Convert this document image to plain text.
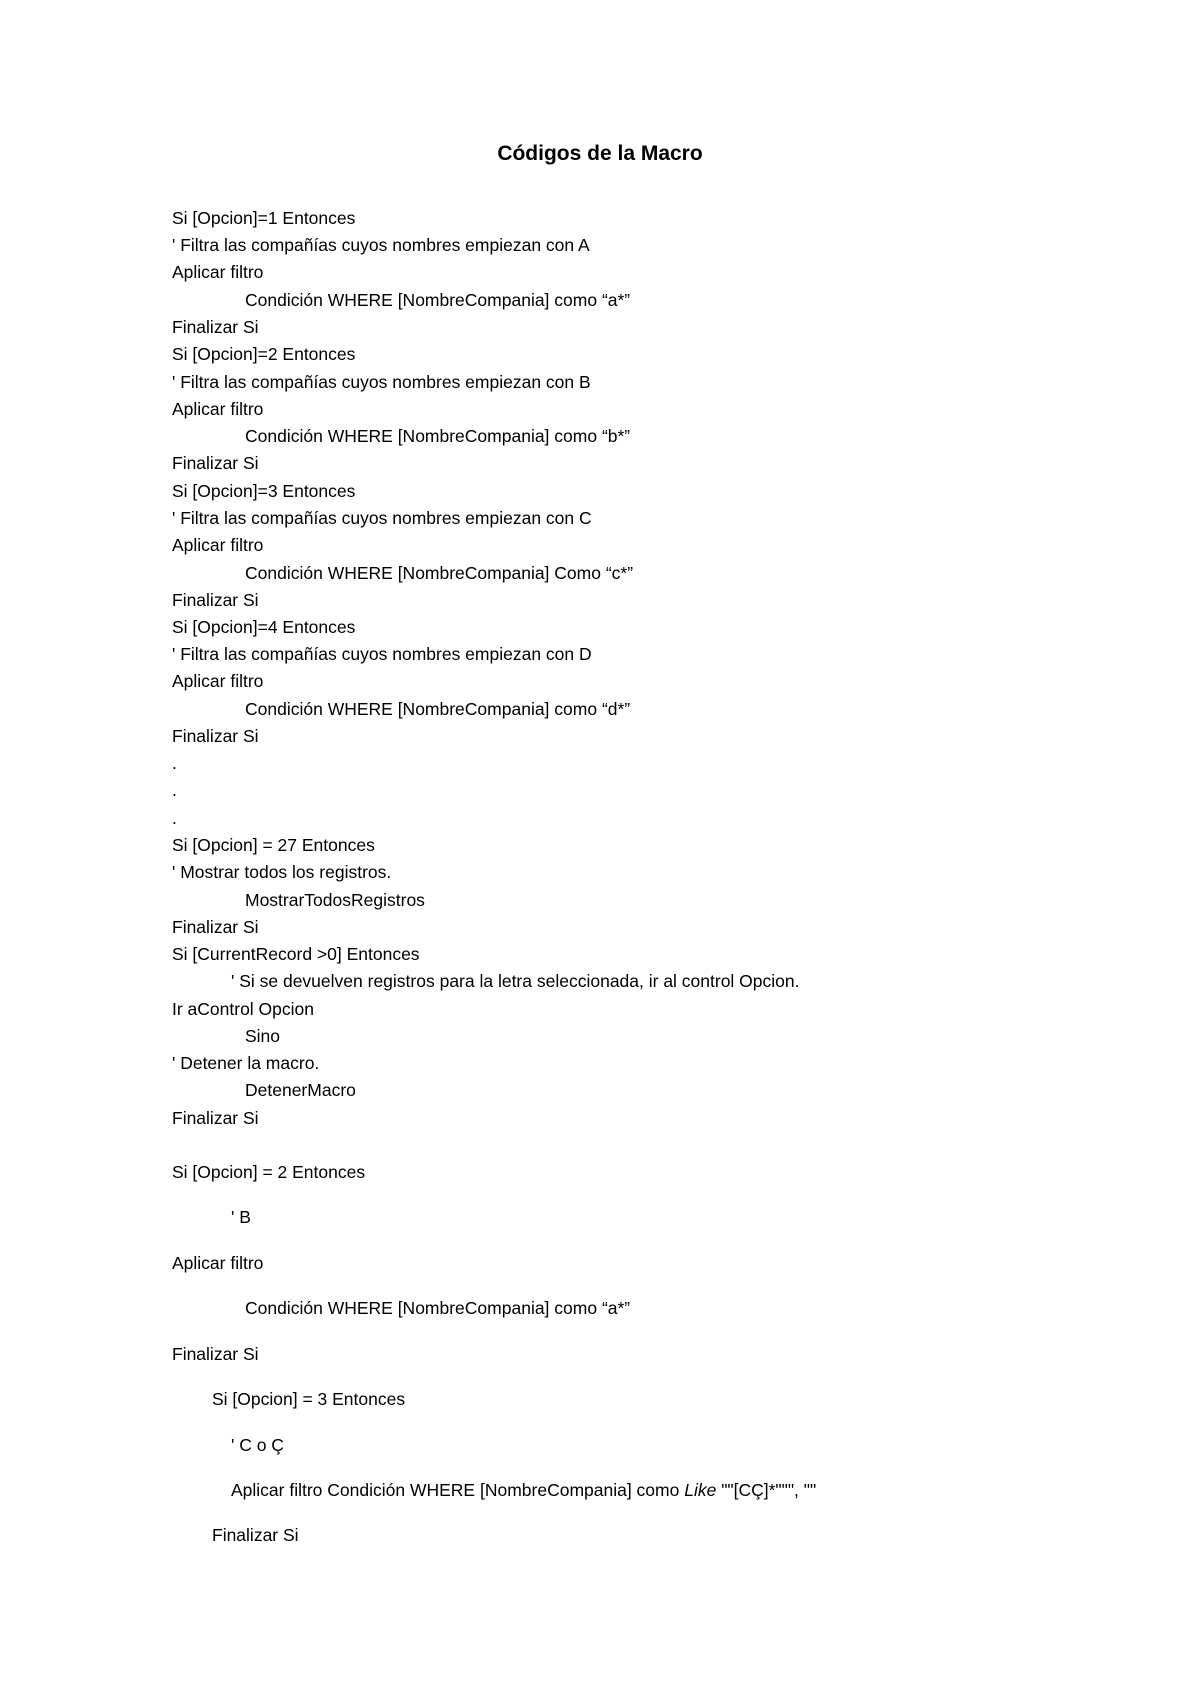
Códigos de la Macro
Si [Opcion]=1 Entonces
' Filtra las compañías cuyos nombres empiezan con A
Aplicar filtro
Condición WHERE [NombreCompania] como “a*”
Finalizar Si
Si [Opcion]=2 Entonces
' Filtra las compañías cuyos nombres empiezan con B
Aplicar filtro
Condición WHERE [NombreCompania] como “b*”
Finalizar Si
Si [Opcion]=3 Entonces
' Filtra las compañías cuyos nombres empiezan con C
Aplicar filtro
Condición WHERE [NombreCompania] Como “c*”
Finalizar Si
Si [Opcion]=4 Entonces
' Filtra las compañías cuyos nombres empiezan con D
Aplicar filtro
Condición WHERE [NombreCompania] como “d*”
Finalizar Si
.
.
.
Si [Opcion] = 27 Entonces
' Mostrar todos los registros.
MostrarTodosRegistros
Finalizar Si
Si [CurrentRecord >0] Entonces
' Si se devuelven registros para la letra seleccionada, ir al control Opcion.
Ir aControl Opcion
Sino
' Detener la macro.
DetenerMacro
Finalizar Si
Si [Opcion] = 2 Entonces
' B
Aplicar filtro
Condición WHERE [NombreCompania] como “a*”
Finalizar Si
Si [Opcion] = 3 Entonces
' C o Ç
Aplicar filtro Condición WHERE [NombreCompania] como Like ""[CÇ]*""", ""
Finalizar Si
